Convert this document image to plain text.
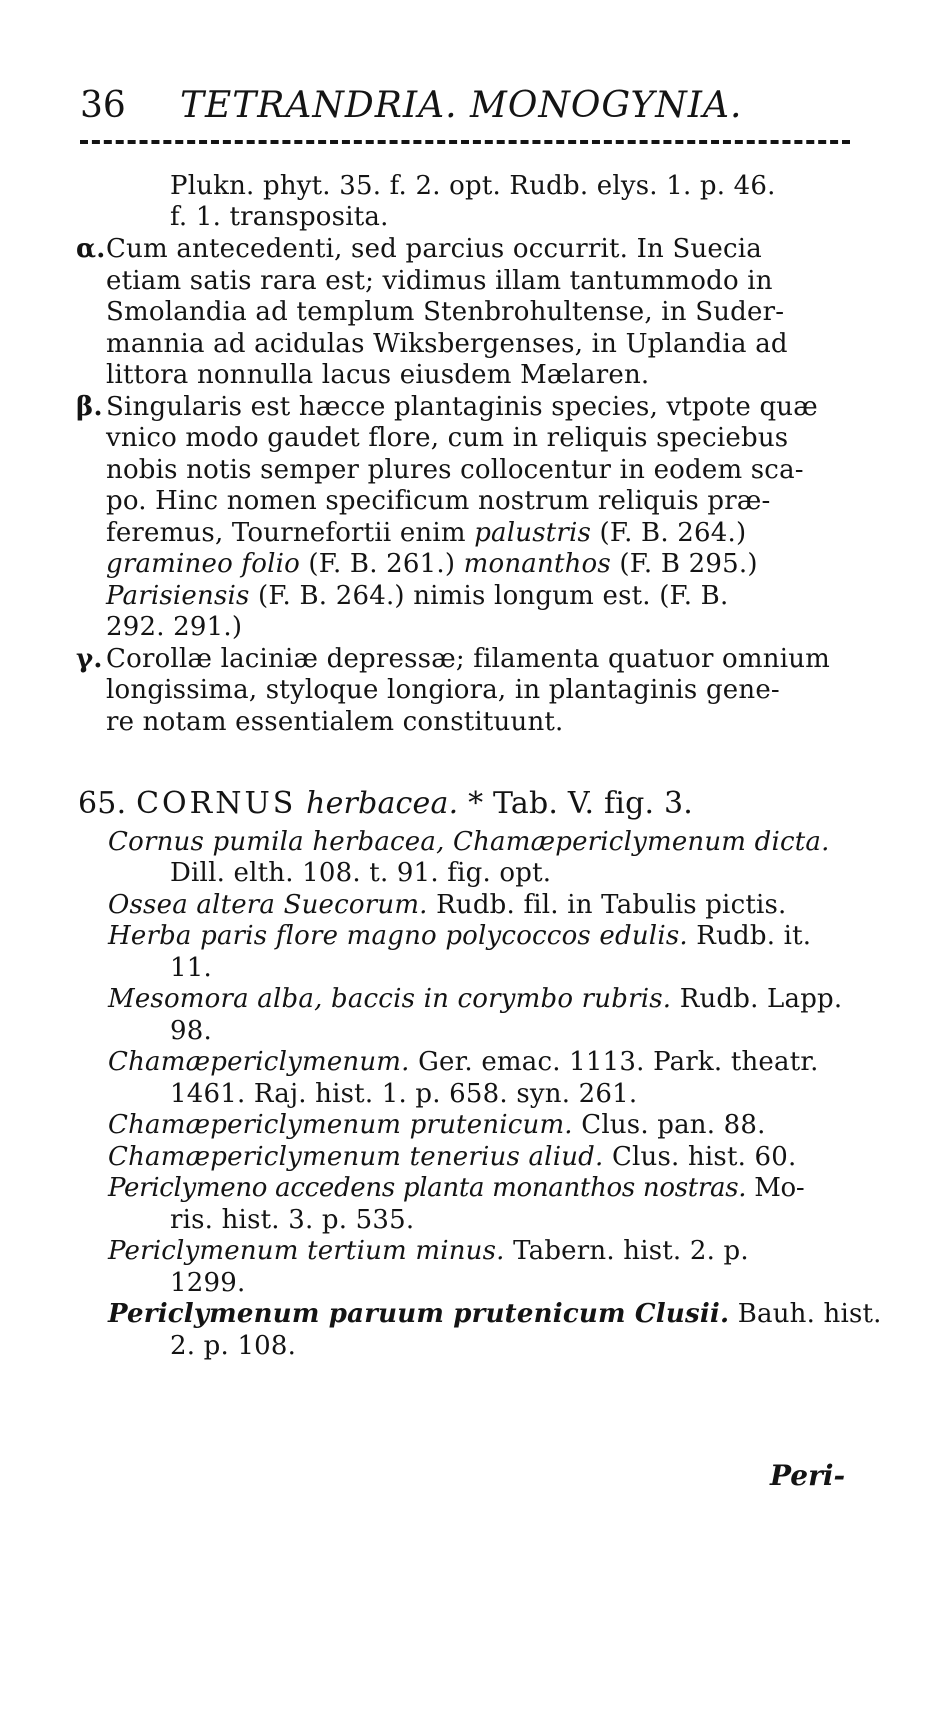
36 TETRANDRIA. MONOGYNIA.
Plukn. phyt. 35. f. 2. opt. Rudb. elys. 1. p. 46.
f. 1. transposita.
α.Cum antecedenti, sed parcius occurrit. In Suecia
etiam satis rara est; vidimus illam tantummodo in
Smolandia ad templum Stenbrohultense, in Suder-
mannia ad acidulas Wiksbergenses, in Uplandia ad
littora nonnulla lacus eiusdem Mælaren.
β. Singularis est hæcce plantaginis species, vtpote quæ
vnico modo gaudet flore, cum in reliquis speciebus
nobis notis semper plures collocentur in eodem sca-
po. Hinc nomen specificum nostrum reliquis præ-
feremus, Tournefortii enim palustris (F. B. 264.)
gramineo folio (F. B. 261.) monanthos (F. B 295.)
Parisiensis (F. B. 264.) nimis longum est. (F. B.
292. 291.)
γ. Corollæ laciniæ depressæ; filamenta quatuor omnium
longissima, styloque longiora, in plantaginis gene-
re notam essentialem constituunt.
65. CORNUS herbacea. * Tab. V. fig. 3.
Cornus pumila herbacea, Chamæpericlymenum dicta.
Dill. elth. 108. t. 91. fig. opt.
Ossea altera Suecorum. Rudb. fil. in Tabulis pictis.
Herba paris flore magno polycoccos edulis. Rudb. it.
11.
Mesomora alba, baccis in corymbo rubris. Rudb. Lapp.
98.
Chamæpericlymenum. Ger. emac. 1113. Park. theatr.
1461. Raj. hist. 1. p. 658. syn. 261.
Chamæpericlymenum prutenicum. Clus. pan. 88.
Chamæpericlymenum tenerius aliud. Clus. hist. 60.
Periclymeno accedens planta monanthos nostras. Mo-
ris. hist. 3. p. 535.
Periclymenum tertium minus. Tabern. hist. 2. p.
1299.
Periclymenum paruum prutenicum Clusii. Bauh. hist.
2. p. 108.
Peri-
